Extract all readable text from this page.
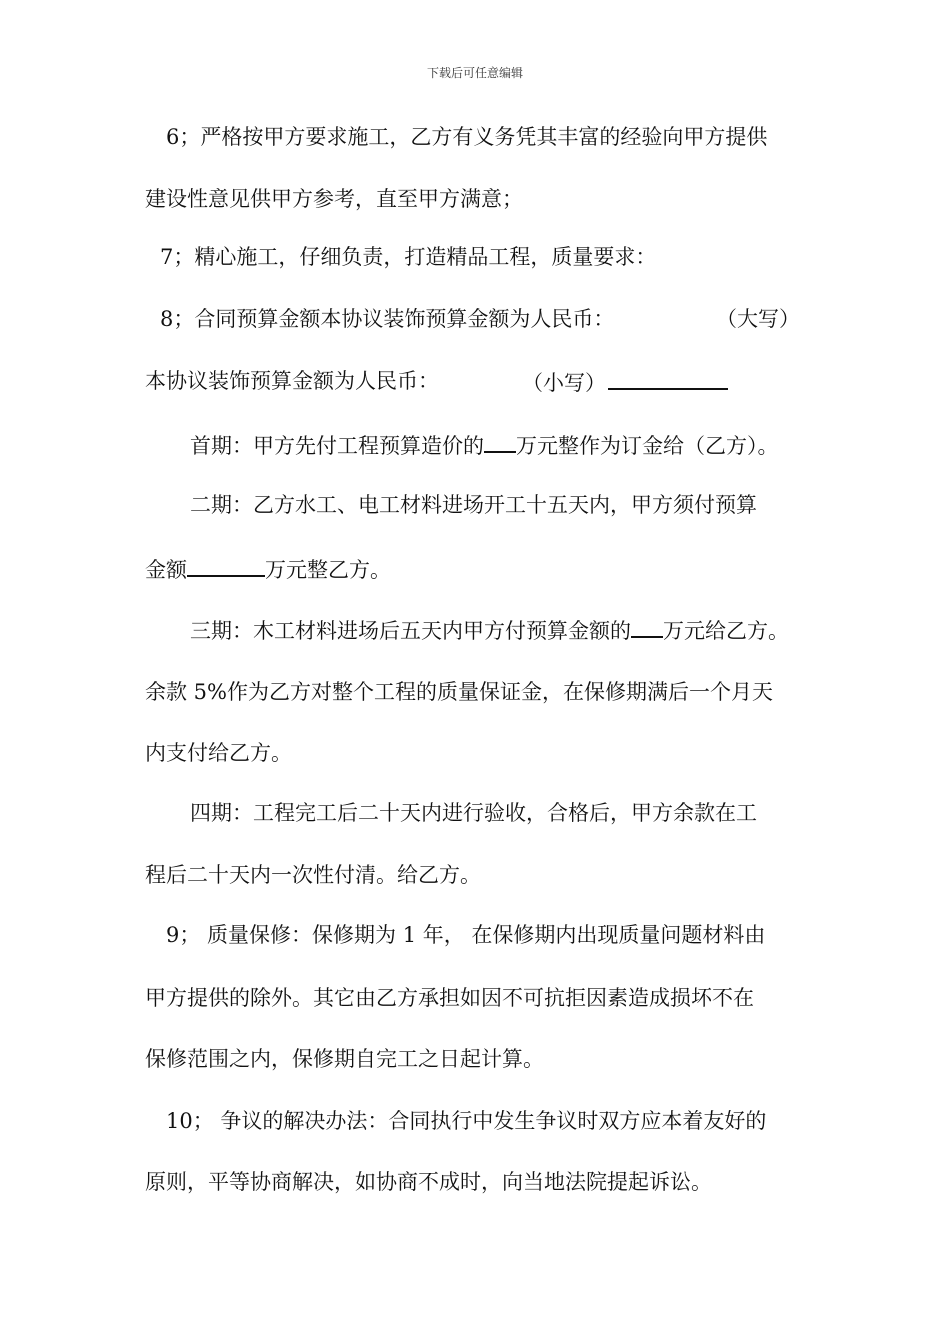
下载后可任意编辑
6；严格按甲方要求施工，乙方有义务凭其丰富的经验向甲方提供
建设性意见供甲方参考，直至甲方满意；
7；精心施工，仔细负责，打造精品工程，质量要求：
8；合同预算金额本协议装饰预算金额为人民币：	（大写）
本协议装饰预算金额为人民币：	（小写）
首期：甲方先付工程预算造价的 万元整作为订金给（乙方）。
二期：乙方水工、电工材料进场开工十五天内，甲方须付预算
金额	万元整乙方。
三期：木工材料进场后五天内甲方付预算金额的 万元给乙方。
余款 5%作为乙方对整个工程的质量保证金，在保修期满后一个月天
内支付给乙方。
四期：工程完工后二十天内进行验收，合格后，甲方余款在工
程后二十天内一次性付清。给乙方。
9； 质量保修：保修期为 1 年， 在保修期内出现质量问题材料由
甲方提供的除外。其它由乙方承担如因不可抗拒因素造成损坏不在
保修范围之内，保修期自完工之日起计算。
10； 争议的解决办法：合同执行中发生争议时双方应本着友好的
原则，平等协商解决，如协商不成时，向当地法院提起诉讼。
